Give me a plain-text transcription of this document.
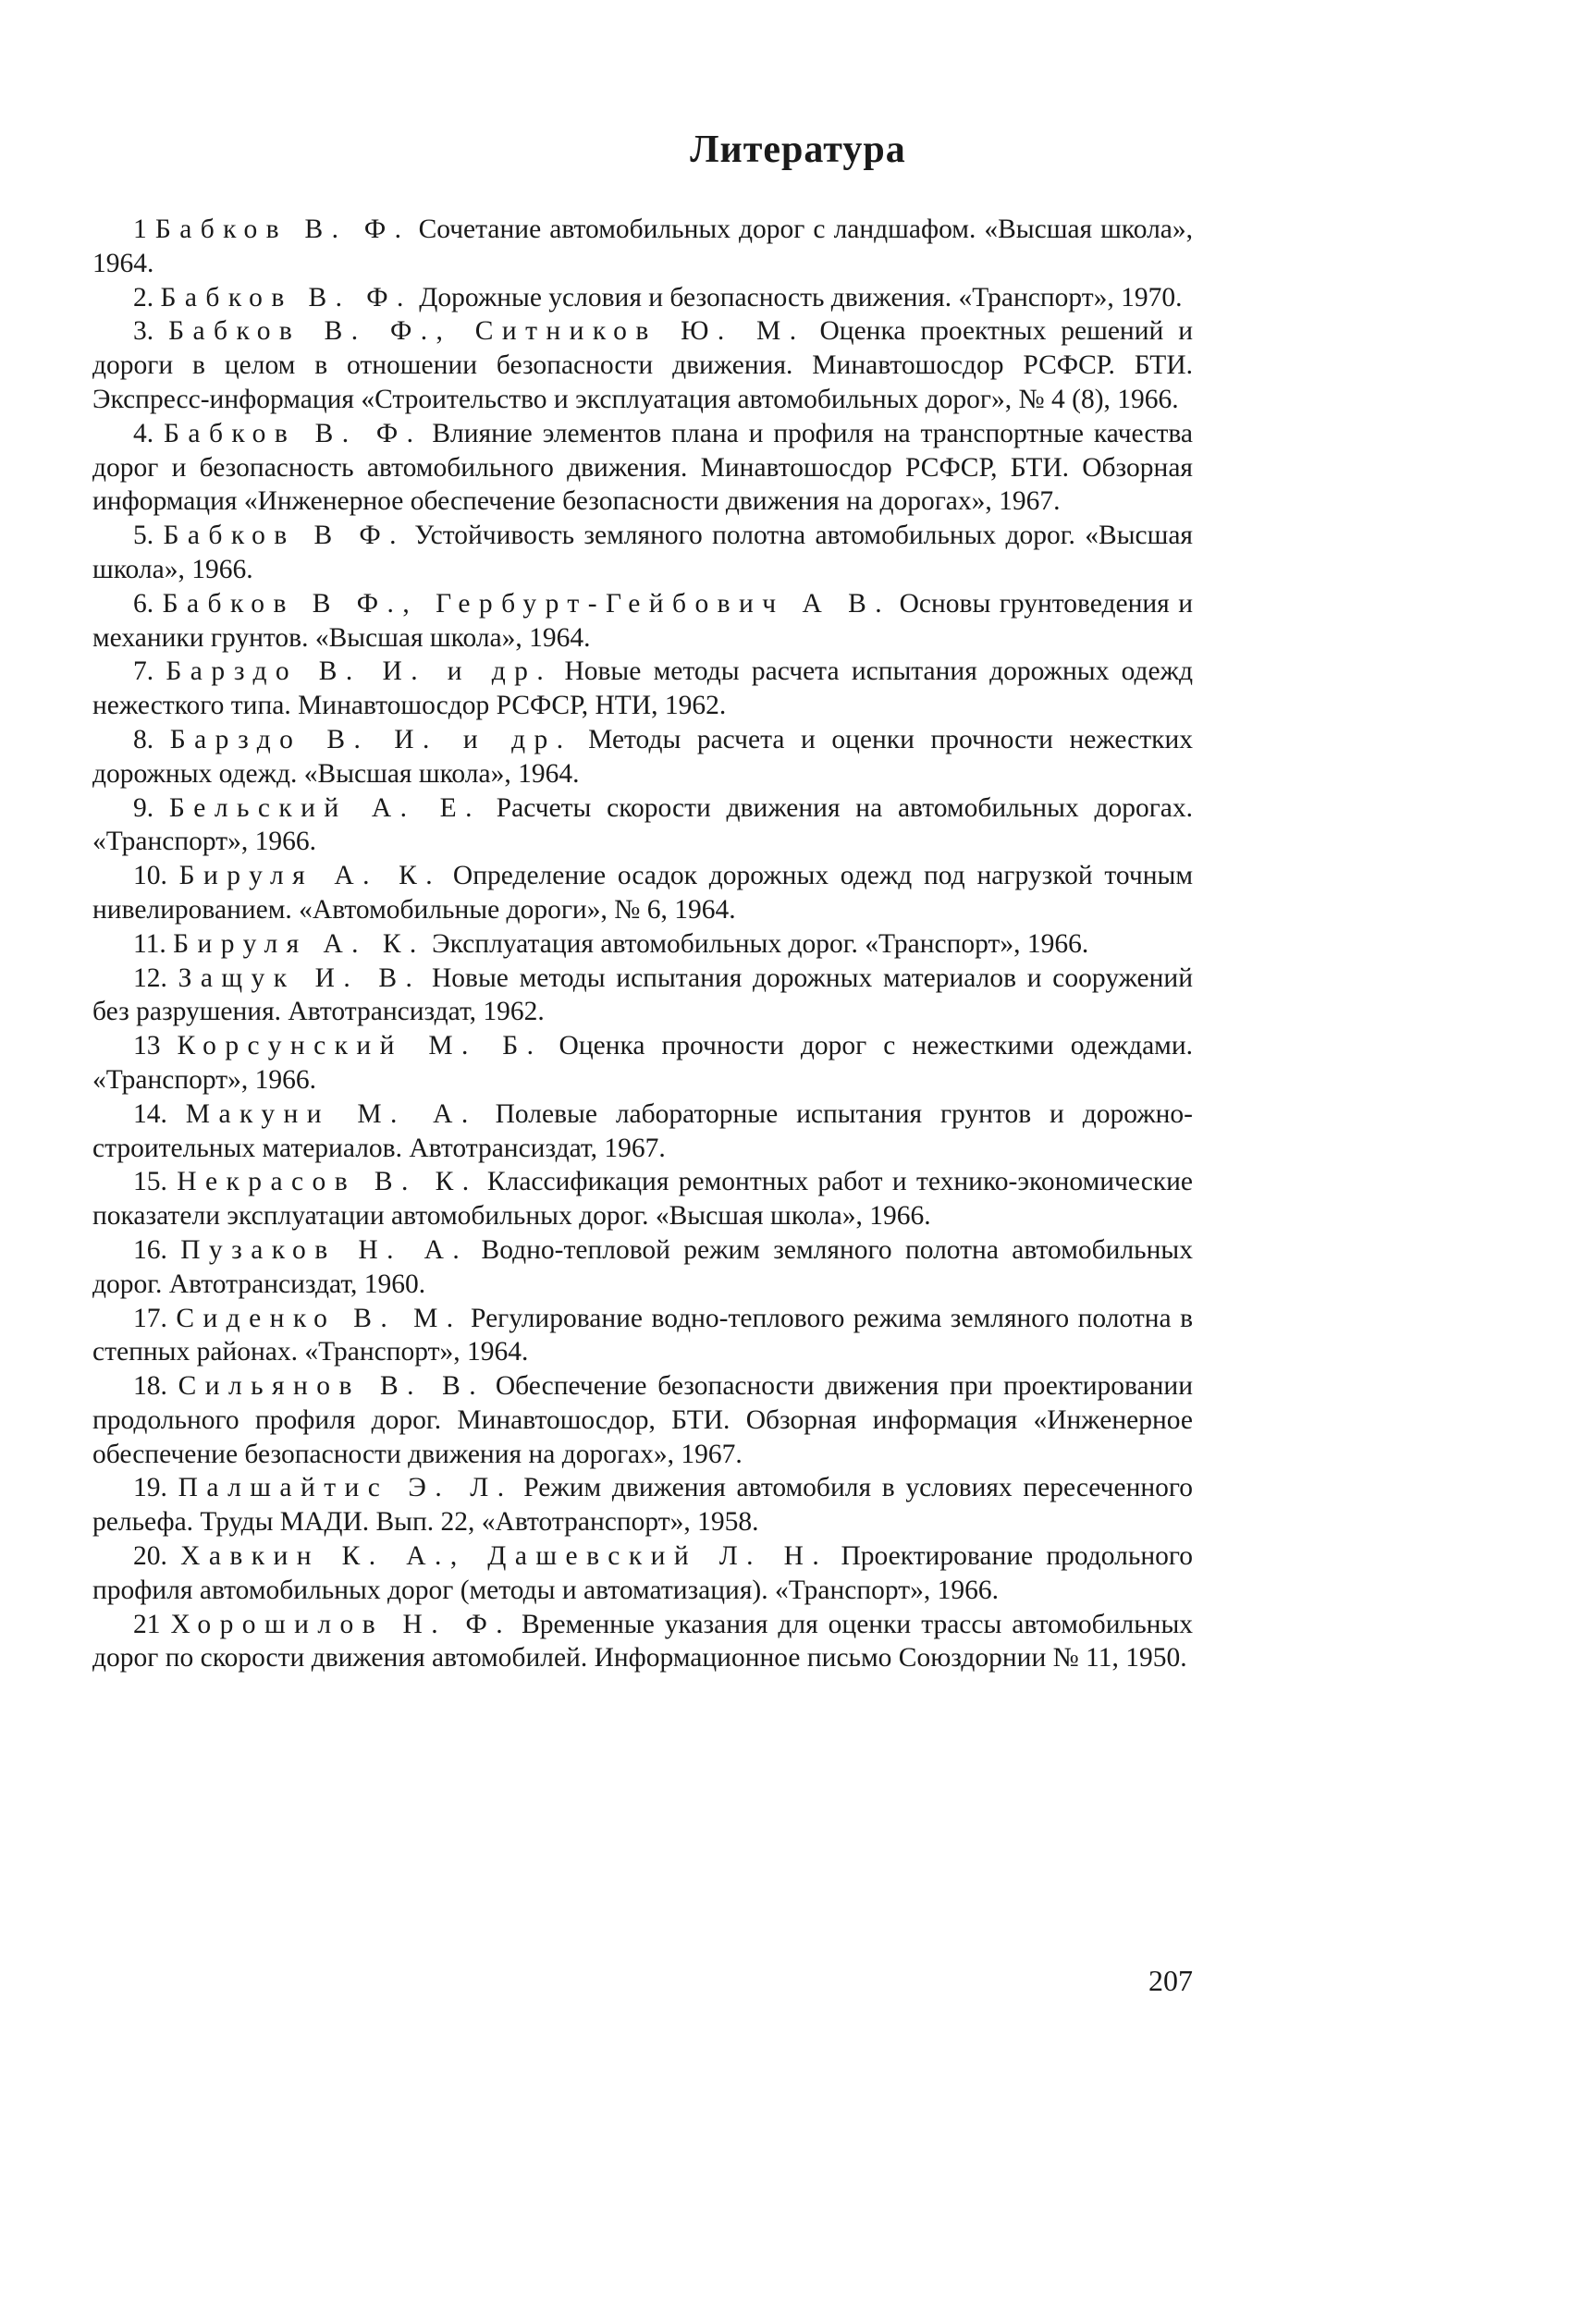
Литература

1 Бабков В. Ф. Сочетание автомобильных дорог с ландшафом. «Высшая школа», 1964.

2. Бабков В. Ф. Дорожные условия и безопасность движения. «Транспорт», 1970.

3. Бабков В. Ф., Ситников Ю. М. Оценка проектных решений и дороги в целом в отношении безопасности движения. Минавтошосдор РСФСР. БТИ. Экспресс-информация «Строительство и эксплуатация автомобильных дорог», № 4 (8), 1966.

4. Бабков В. Ф. Влияние элементов плана и профиля на транспортные качества дорог и безопасность автомобильного движения. Минавтошосдор РСФСР, БТИ. Обзорная информация «Инженерное обеспечение безопасности движения на дорогах», 1967.

5. Бабков В Ф. Устойчивость земляного полотна автомобильных дорог. «Высшая школа», 1966.

6. Бабков В Ф., Гербурт-Гейбович А В. Основы грунтоведения и механики грунтов. «Высшая школа», 1964.

7. Барздо В. И. и др. Новые методы расчета испытания дорожных одежд нежесткого типа. Минавтошосдор РСФСР, НТИ, 1962.

8. Барздо В. И. и др. Методы расчета и оценки прочности нежестких дорожных одежд. «Высшая школа», 1964.

9. Бельский А. Е. Расчеты скорости движения на автомобильных дорогах. «Транспорт», 1966.

10. Бируля А. К. Определение осадок дорожных одежд под нагрузкой точным нивелированием. «Автомобильные дороги», № 6, 1964.

11. Бируля А. К. Эксплуатация автомобильных дорог. «Транспорт», 1966.

12. Защук И. В. Новые методы испытания дорожных материалов и сооружений без разрушения. Автотрансиздат, 1962.

13 Корсунский М. Б. Оценка прочности дорог с нежесткими одеждами. «Транспорт», 1966.

14. Макуни М. А. Полевые лабораторные испытания грунтов и дорожно-строительных материалов. Автотрансиздат, 1967.

15. Некрасов В. К. Классификация ремонтных работ и технико-экономические показатели эксплуатации автомобильных дорог. «Высшая школа», 1966.

16. Пузаков Н. А. Водно-тепловой режим земляного полотна автомобильных дорог. Автотрансиздат, 1960.

17. Сиденко В. М. Регулирование водно-теплового режима земляного полотна в степных районах. «Транспорт», 1964.

18. Сильянов В. В. Обеспечение безопасности движения при проектировании продольного профиля дорог. Минавтошосдор, БТИ. Обзорная информация «Инженерное обеспечение безопасности движения на дорогах», 1967.

19. Палшайтис Э. Л. Режим движения автомобиля в условиях пересеченного рельефа. Труды МАДИ. Вып. 22, «Автотранспорт», 1958.

20. Хавкин К. А., Дашевский Л. Н. Проектирование продольного профиля автомобильных дорог (методы и автоматизация). «Транспорт», 1966.

21 Хорошилов Н. Ф. Временные указания для оценки трассы автомобильных дорог по скорости движения автомобилей. Информационное письмо Союздорнии № 11, 1950.

207
